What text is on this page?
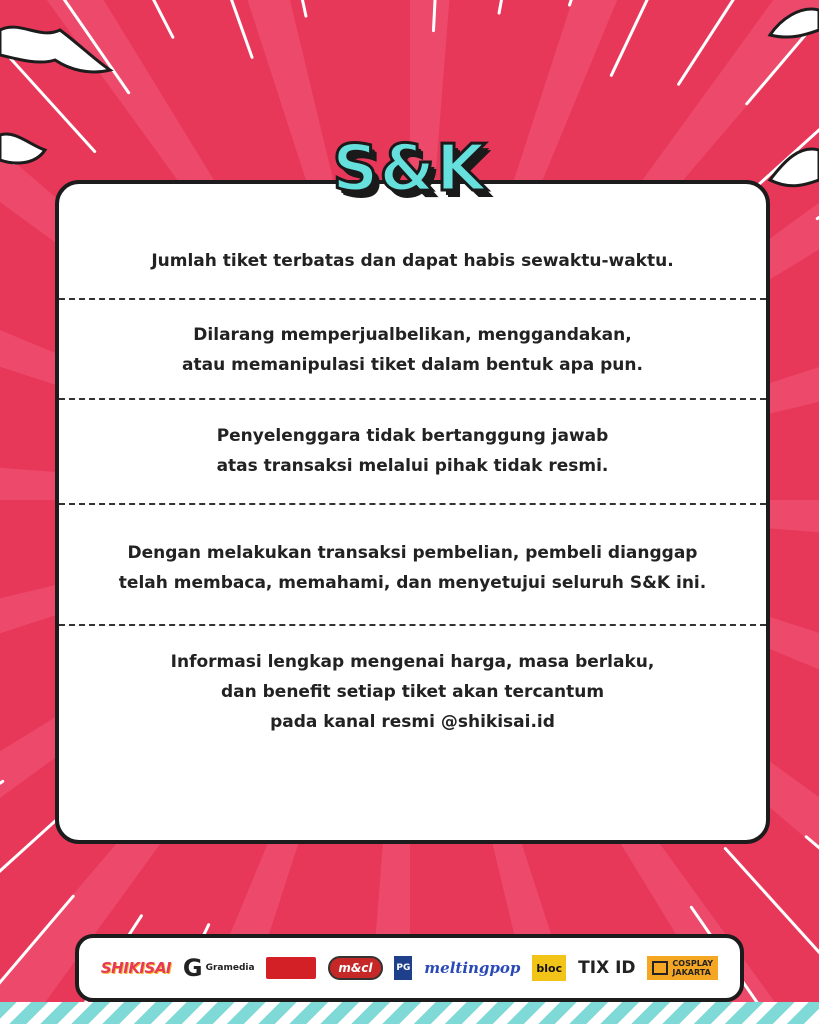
S&K
Jumlah tiket terbatas dan dapat habis sewaktu-waktu.
Dilarang memperjualbelikan, menggandakan,
atau memanipulasi tiket dalam bentuk apa pun.
Penyelenggara tidak bertanggung jawab
atas transaksi melalui pihak tidak resmi.
Dengan melakukan transaksi pembelian, pembeli dianggap
telah membaca, memahami, dan menyetujui seluruh S&K ini.
Informasi lengkap mengenai harga, masa berlaku,
dan benefit setiap tiket akan tercantum
pada kanal resmi @shikisai.id
SHIKISAI G Gramedia	m&cl	PG meltingpop	bloc TIX ID	COSPLAY
JAKARTA
